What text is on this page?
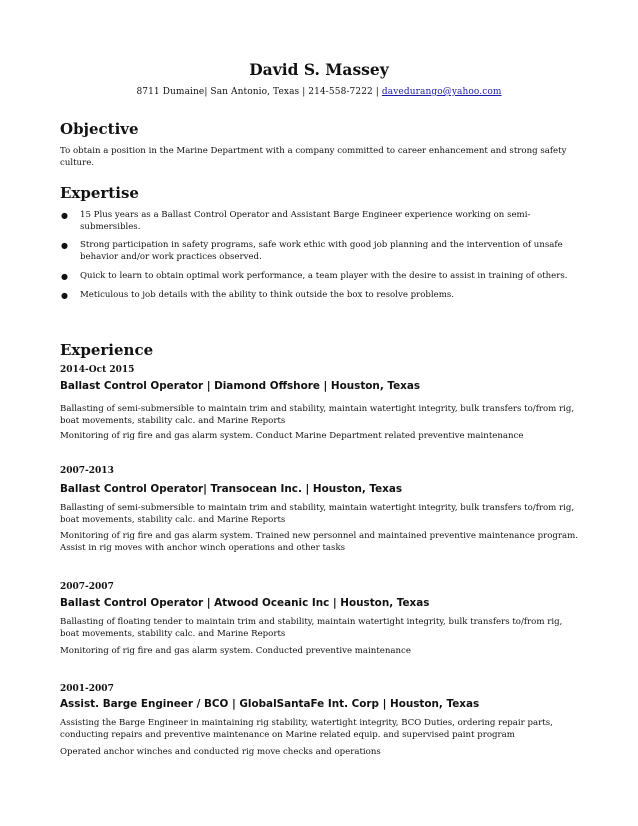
David S. Massey
8711 Dumaine| San Antonio, Texas | 214-558-7222 | davedurango@yahoo.com
Objective
To obtain a position in the Marine Department with a company committed to career enhancement and strong safety culture.
Expertise
● 15 Plus years as a Ballast Control Operator and Assistant Barge Engineer experience working on semi-submersibles.
● Strong participation in safety programs, safe work ethic with good job planning and the intervention of unsafe behavior and/or work practices observed.
● Quick to learn to obtain optimal work performance, a team player with the desire to assist in training of others.
● Meticulous to job details with the ability to think outside the box to resolve problems.
Experience
2014-Oct 2015
Ballast Control Operator | Diamond Offshore | Houston, Texas
Ballasting of semi-submersible to maintain trim and stability, maintain watertight integrity, bulk transfers to/from rig, boat movements, stability calc. and Marine Reports
Monitoring of rig fire and gas alarm system. Conduct Marine Department related preventive maintenance
2007-2013
Ballast Control Operator| Transocean Inc. | Houston, Texas
Ballasting of semi-submersible to maintain trim and stability, maintain watertight integrity, bulk transfers to/from rig, boat movements, stability calc. and Marine Reports
Monitoring of rig fire and gas alarm system. Trained new personnel and maintained preventive maintenance program. Assist in rig moves with anchor winch operations and other tasks
2007-2007
Ballast Control Operator | Atwood Oceanic Inc | Houston, Texas
Ballasting of floating tender to maintain trim and stability, maintain watertight integrity, bulk transfers to/from rig, boat movements, stability calc. and Marine Reports
Monitoring of rig fire and gas alarm system. Conducted preventive maintenance
2001-2007
Assist. Barge Engineer / BCO | GlobalSantaFe Int. Corp | Houston, Texas
Assisting the Barge Engineer in maintaining rig stability, watertight integrity, BCO Duties, ordering repair parts, conducting repairs and preventive maintenance on Marine related equip. and supervised paint program
Operated anchor winches and conducted rig move checks and operations
